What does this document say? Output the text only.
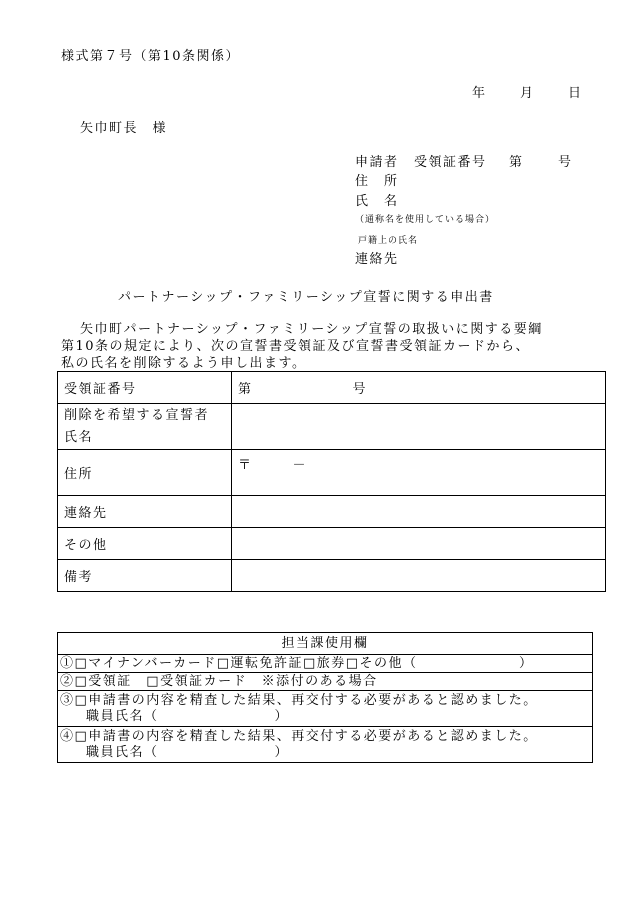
様式第７号（第10条関係）
年	月	日
矢巾町長　様
申請者 受領証番号 第	号
住　所
氏　名
（通称名を使用している場合）
戸籍上の氏名
連絡先
パートナーシップ・ファミリーシップ宣誓に関する申出書
矢巾町パートナーシップ・ファミリーシップ宣誓の取扱いに関する要綱
第10条の規定により、次の宣誓書受領証及び宣誓書受領証カードから、
私の氏名を削除するよう申し出ます。
受領証番号	第 号

削除を希望する宣誓者
氏名	

住所	〒 －
連絡先	
その他	
備考	
担当課使用欄
①□マイナンバーカード□運転免許証□旅券□その他（　　　　　　　）
②□受領証　□受領証カード　※添付のある場合

③□申請書の内容を精査した結果、再交付する必要があると認めました。
職員氏名（　　　　　　　　）

④□申請書の内容を精査した結果、再交付する必要があると認めました。
職員氏名（　　　　　　　　）
